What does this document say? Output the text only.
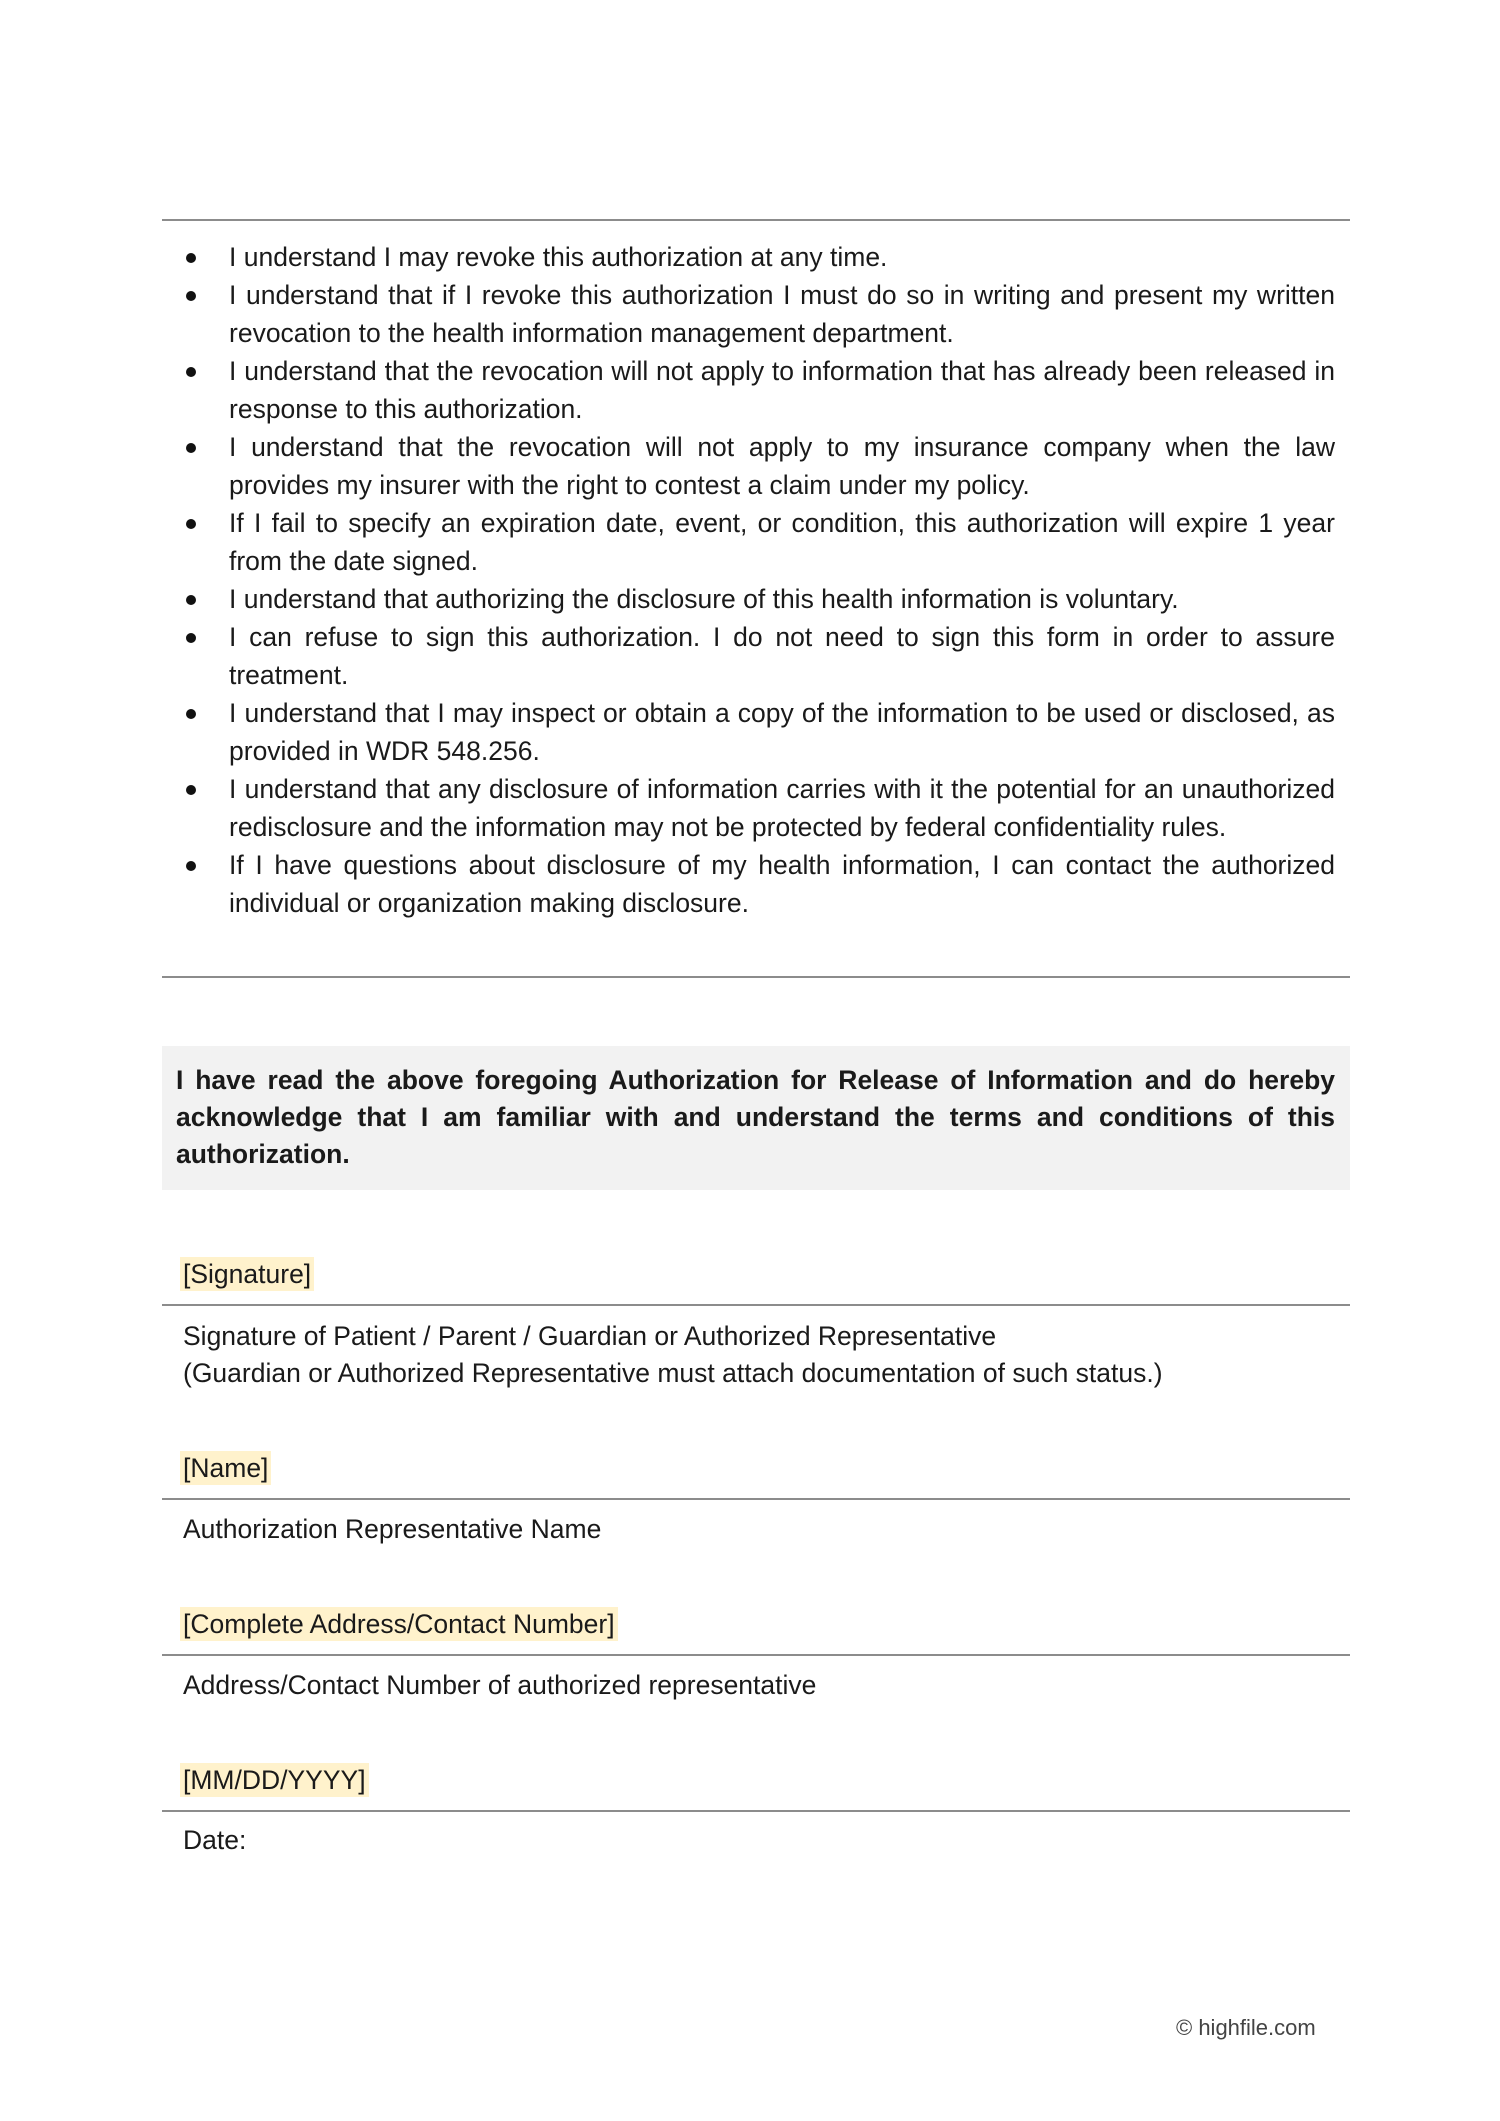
I understand I may revoke this authorization at any time.
I understand that if I revoke this authorization I must do so in writing and present my written revocation to the health information management department.
I understand that the revocation will not apply to information that has already been released in response to this authorization.
I understand that the revocation will not apply to my insurance company when the law provides my insurer with the right to contest a claim under my policy.
If I fail to specify an expiration date, event, or condition, this authorization will expire 1 year from the date signed.
I understand that authorizing the disclosure of this health information is voluntary.
I can refuse to sign this authorization. I do not need to sign this form in order to assure treatment.
I understand that I may inspect or obtain a copy of the information to be used or disclosed, as provided in WDR 548.256.
I understand that any disclosure of information carries with it the potential for an unauthorized redisclosure and the information may not be protected by federal confidentiality rules.
If I have questions about disclosure of my health information, I can contact the authorized individual or organization making disclosure.
I have read the above foregoing Authorization for Release of Information and do hereby acknowledge that I am familiar with and understand the terms and conditions of this authorization.
[Signature]
Signature of Patient / Parent / Guardian or Authorized Representative
(Guardian or Authorized Representative must attach documentation of such status.)
[Name]
Authorization Representative Name
[Complete Address/Contact Number]
Address/Contact Number of authorized representative
[MM/DD/YYYY]
Date:
© highfile.com
